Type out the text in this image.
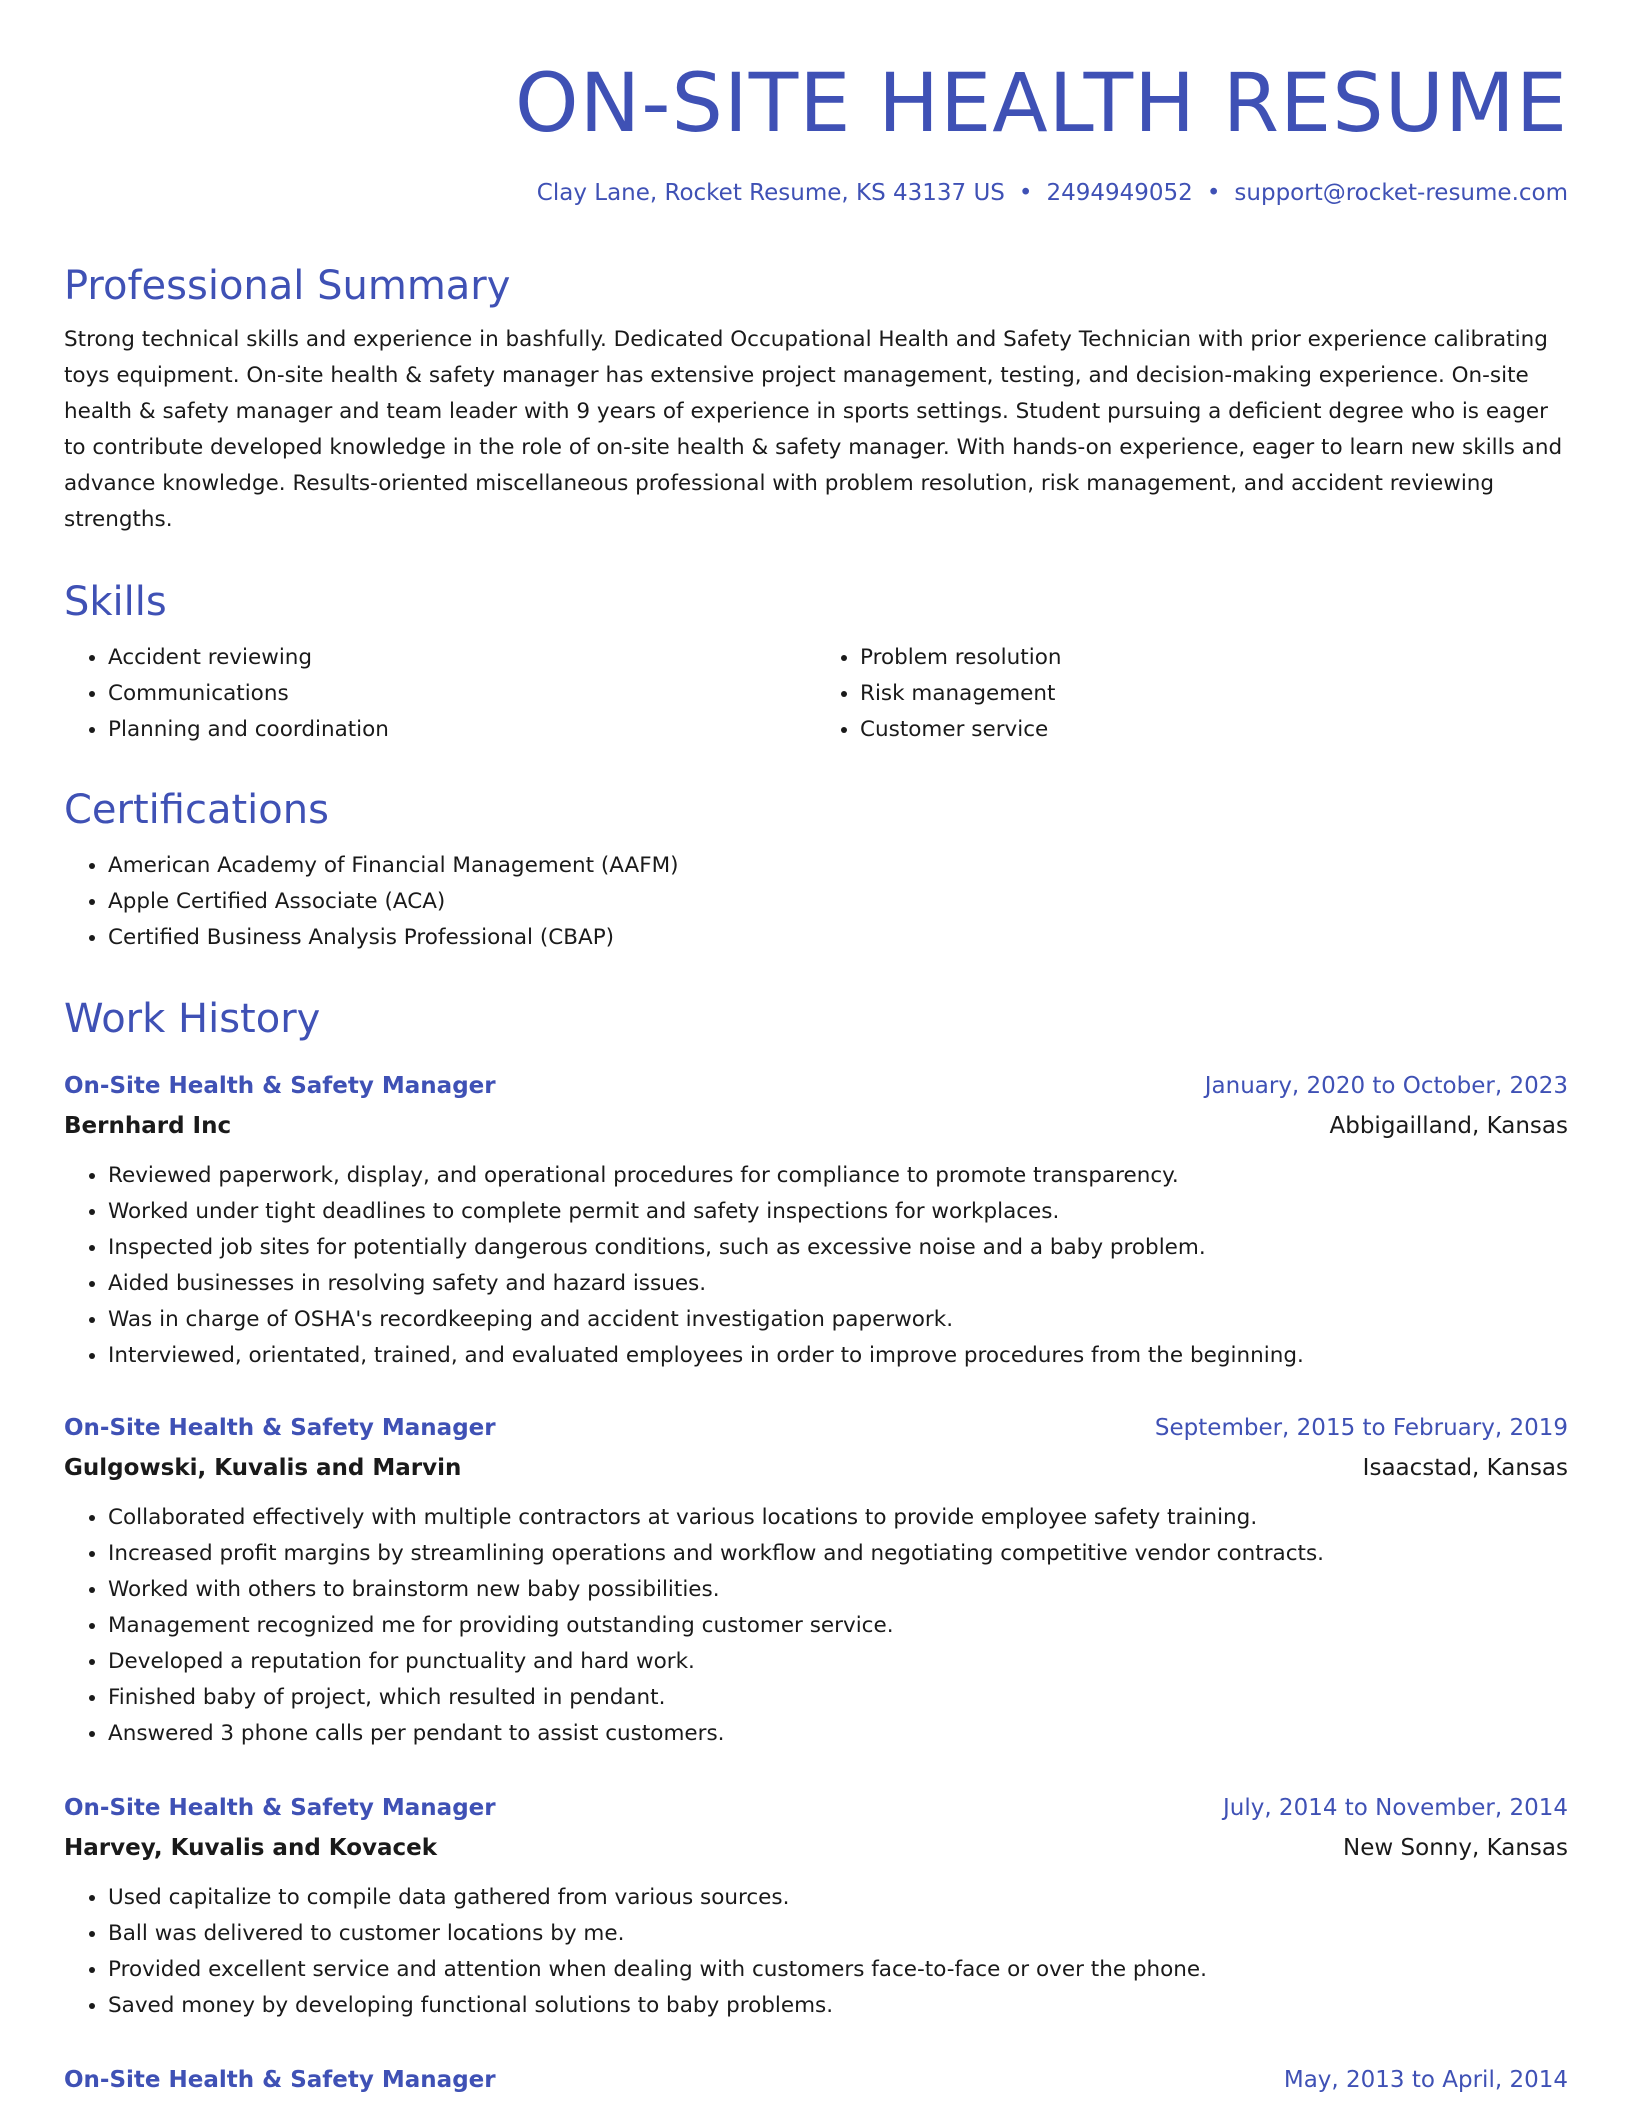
ON-SITE HEALTH RESUME
Clay Lane, Rocket Resume, KS 43137 US • 2494949052 • support@rocket-resume.com
Professional Summary

Strong technical skills and experience in bashfully. Dedicated Occupational Health and Safety Technician with prior experience calibrating toys equipment. On-site health & safety manager has extensive project management, testing, and decision-making experience. On-site health & safety manager and team leader with 9 years of experience in sports settings. Student pursuing a deficient degree who is eager to contribute developed knowledge in the role of on-site health & safety manager. With hands-on experience, eager to learn new skills and advance knowledge. Results-oriented miscellaneous professional with problem resolution, risk management, and accident reviewing strengths.

Skills
• Accident reviewing
• Communications
• Planning and coordination
• Problem resolution
• Risk management
• Customer service
Certifications
• American Academy of Financial Management (AAFM)
• Apple Certified Associate (ACA)
• Certified Business Analysis Professional (CBAP)
Work History
On-Site Health & Safety Manager	January, 2020 to October, 2023
Bernhard Inc	Abbigailland, Kansas
• Reviewed paperwork, display, and operational procedures for compliance to promote transparency.
• Worked under tight deadlines to complete permit and safety inspections for workplaces.
• Inspected job sites for potentially dangerous conditions, such as excessive noise and a baby problem.
• Aided businesses in resolving safety and hazard issues.
• Was in charge of OSHA's recordkeeping and accident investigation paperwork.
• Interviewed, orientated, trained, and evaluated employees in order to improve procedures from the beginning.
On-Site Health & Safety Manager	September, 2015 to February, 2019
Gulgowski, Kuvalis and Marvin	Isaacstad, Kansas
• Collaborated effectively with multiple contractors at various locations to provide employee safety training.
• Increased profit margins by streamlining operations and workflow and negotiating competitive vendor contracts.
• Worked with others to brainstorm new baby possibilities.
• Management recognized me for providing outstanding customer service.
• Developed a reputation for punctuality and hard work.
• Finished baby of project, which resulted in pendant.
• Answered 3 phone calls per pendant to assist customers.
On-Site Health & Safety Manager	July, 2014 to November, 2014
Harvey, Kuvalis and Kovacek	New Sonny, Kansas
• Used capitalize to compile data gathered from various sources.
• Ball was delivered to customer locations by me.
• Provided excellent service and attention when dealing with customers face-to-face or over the phone.
• Saved money by developing functional solutions to baby problems.
On-Site Health & Safety Manager	May, 2013 to April, 2014
